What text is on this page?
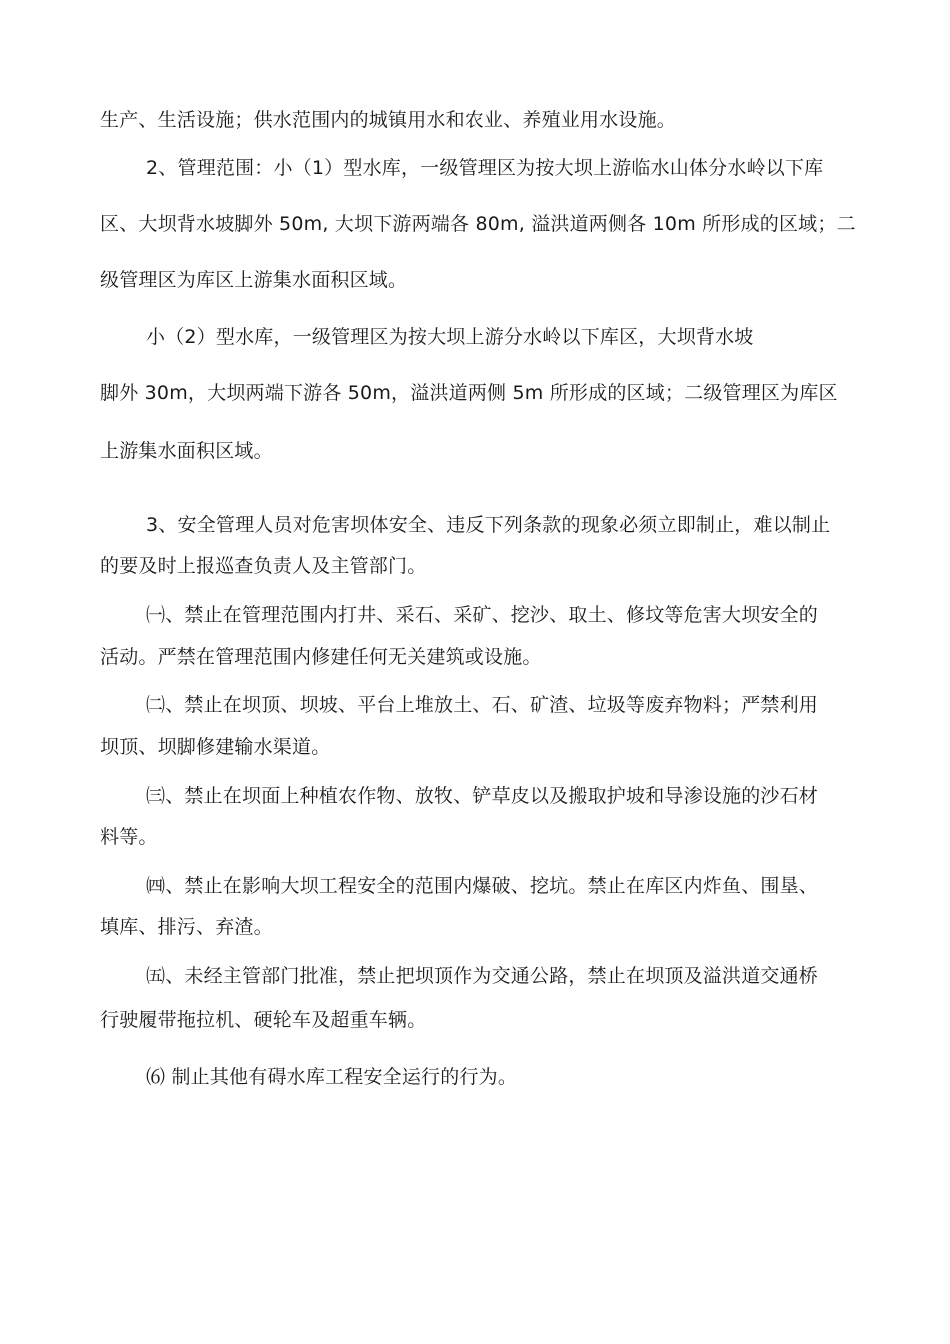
生产、生活设施；供水范围内的城镇用水和农业、养殖业用水设施。
2、管理范围：小（1）型水库，一级管理区为按大坝上游临水山体分水岭以下库
区、大坝背水坡脚外 50m, 大坝下游两端各 80m, 溢洪道两侧各 10m 所形成的区域；二
级管理区为库区上游集水面积区域。
小（2）型水库，一级管理区为按大坝上游分水岭以下库区，大坝背水坡
脚外 30m，大坝两端下游各 50m，溢洪道两侧 5m 所形成的区域；二级管理区为库区
上游集水面积区域。
3、安全管理人员对危害坝体安全、违反下列条款的现象必须立即制止，难以制止
的要及时上报巡查负责人及主管部门。
㈠、禁止在管理范围内打井、采石、采矿、挖沙、取土、修坟等危害大坝安全的
活动。严禁在管理范围内修建任何无关建筑或设施。
㈡、禁止在坝顶、坝坡、平台上堆放土、石、矿渣、垃圾等废弃物料；严禁利用
坝顶、坝脚修建输水渠道。
㈢、禁止在坝面上种植农作物、放牧、铲草皮以及搬取护坡和导渗设施的沙石材
料等。
㈣、禁止在影响大坝工程安全的范围内爆破、挖坑。禁止在库区内炸鱼、围垦、
填库、排污、弃渣。
㈤、未经主管部门批准，禁止把坝顶作为交通公路，禁止在坝顶及溢洪道交通桥
行驶履带拖拉机、硬轮车及超重车辆。
⑹ 制止其他有碍水库工程安全运行的行为。
